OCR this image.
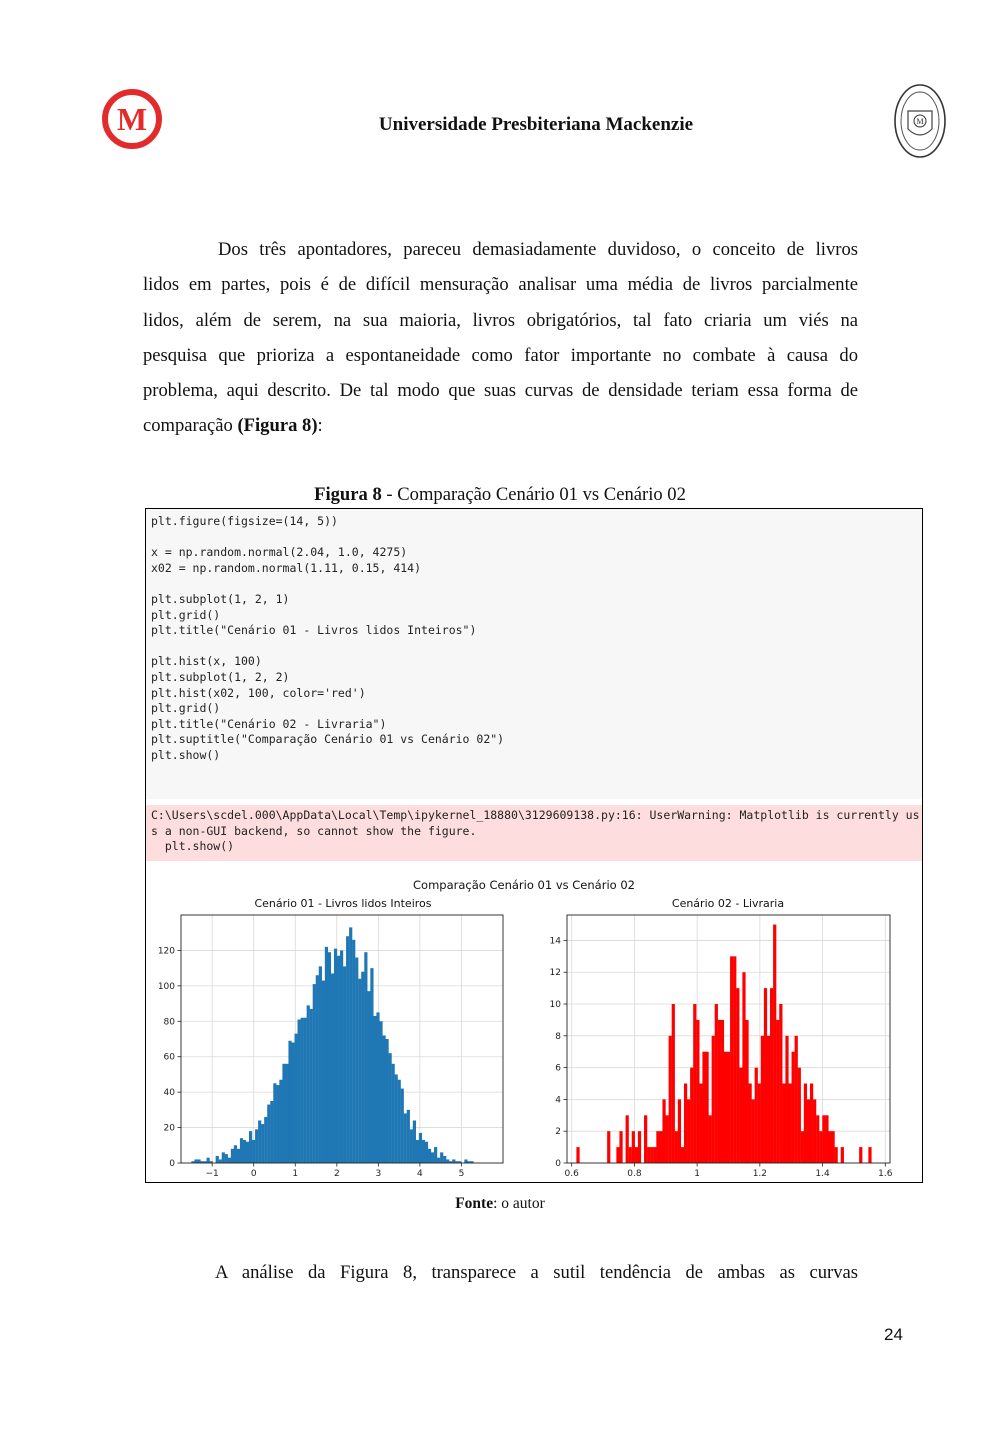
M	Universidade Presbiteriana Mackenzie	M
Dos três apontadores, pareceu demasiadamente duvidoso, o conceito de livros
lidos em partes, pois é de difícil mensuração analisar uma média de livros parcialmente
lidos, além de serem, na sua maioria, livros obrigatórios, tal fato criaria um viés na
pesquisa que prioriza a espontaneidade como fator importante no combate à causa do
problema, aqui descrito. De tal modo que suas curvas de densidade teriam essa forma de
comparação (Figura 8):
Figura 8 - Comparação Cenário 01 vs Cenário 02
plt.figure(figsize=(14, 5))
x = np.random.normal(2.04, 1.0, 4275)
x02 = np.random.normal(1.11, 0.15, 414)
plt.subplot(1, 2, 1)
plt.grid()
plt.title("Cenário 01 - Livros lidos Inteiros")
plt.hist(x, 100)
plt.subplot(1, 2, 2)
plt.hist(x02, 100, color='red')
plt.grid()
plt.title("Cenário 02 - Livraria")
plt.suptitle("Comparação Cenário 01 vs Cenário 02")
plt.show()
C:\Users\scdel.000\AppData\Local\Temp\ipykernel_18880\3129609138.py:16: UserWarning: Matplotlib is currently us
s a non-GUI backend, so cannot show the figure.
plt.show()
Comparação Cenário 01 vs Cenário 02
Cenário 01 - Livros lidos Inteiros	Cenário 02 - Livraria
−1	0	1	2	3	4	5
0
20
40
60
80
100
120
0.6	0.8	1	1.2	1.4	1.6
0
2
4
6
8
10
12
14
Fonte: o autor
A análise da Figura 8, transparece a sutil tendência de ambas as curvas
24
